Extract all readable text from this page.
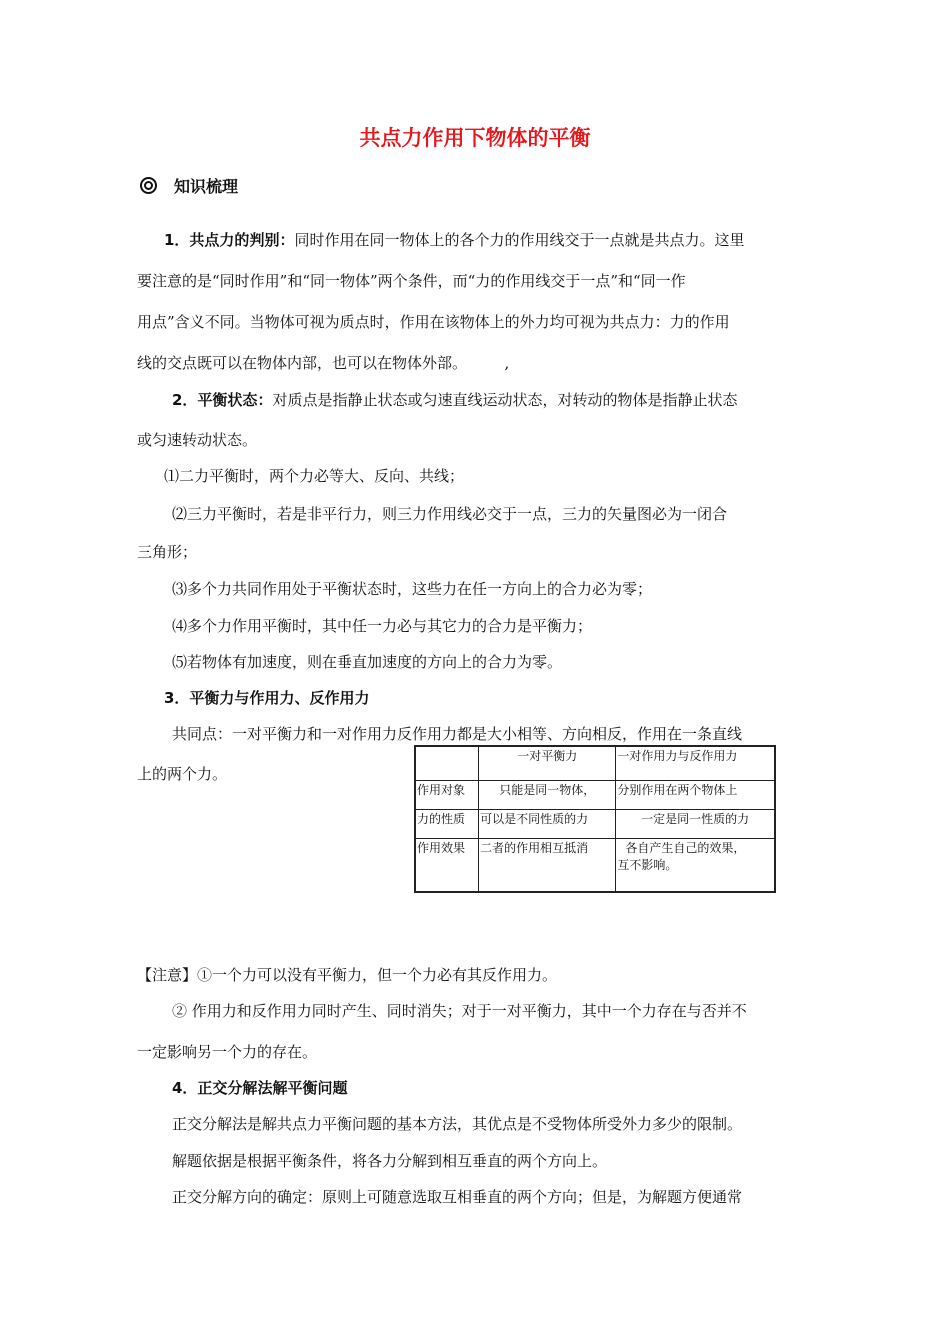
共点力作用下物体的平衡
知识梳理
1．共点力的判别：同时作用在同一物体上的各个力的作用线交于一点就是共点力。这里
要注意的是“同时作用”和“同一物体”两个条件，而“力的作用线交于一点”和“同一作
用点”含义不同。当物体可视为质点时，作用在该物体上的外力均可视为共点力：力的作用
线的交点既可以在物体内部，也可以在物体外部。　　　,
2．平衡状态：对质点是指静止状态或匀速直线运动状态，对转动的物体是指静止状态
或匀速转动状态。
⑴二力平衡时，两个力必等大、反向、共线；
⑵三力平衡时，若是非平行力，则三力作用线必交于一点，三力的矢量图必为一闭合
三角形；
⑶多个力共同作用处于平衡状态时，这些力在任一方向上的合力必为零；
⑷多个力作用平衡时，其中任一力必与其它力的合力是平衡力；
⑸若物体有加速度，则在垂直加速度的方向上的合力为零。
3．平衡力与作用力、反作用力
共同点：一对平衡力和一对作用力反作用力都是大小相等、方向相反，作用在一条直线
上的两个力。
	一对平衡力	一对作用力与反作用力
作用对象	只能是同一物体，	分别作用在两个物体上
力的性质	可以是不同性质的力	一定是同一性质的力
作用效果	二者的作用相互抵消	各自产生自己的效果，
互不影响。
【注意】①一个力可以没有平衡力，但一个力必有其反作用力。
② 作用力和反作用力同时产生、同时消失；对于一对平衡力，其中一个力存在与否并不
一定影响另一个力的存在。
4．正交分解法解平衡问题
正交分解法是解共点力平衡问题的基本方法，其优点是不受物体所受外力多少的限制。
解题依据是根据平衡条件，将各力分解到相互垂直的两个方向上。
正交分解方向的确定：原则上可随意选取互相垂直的两个方向；但是，为解题方便通常
